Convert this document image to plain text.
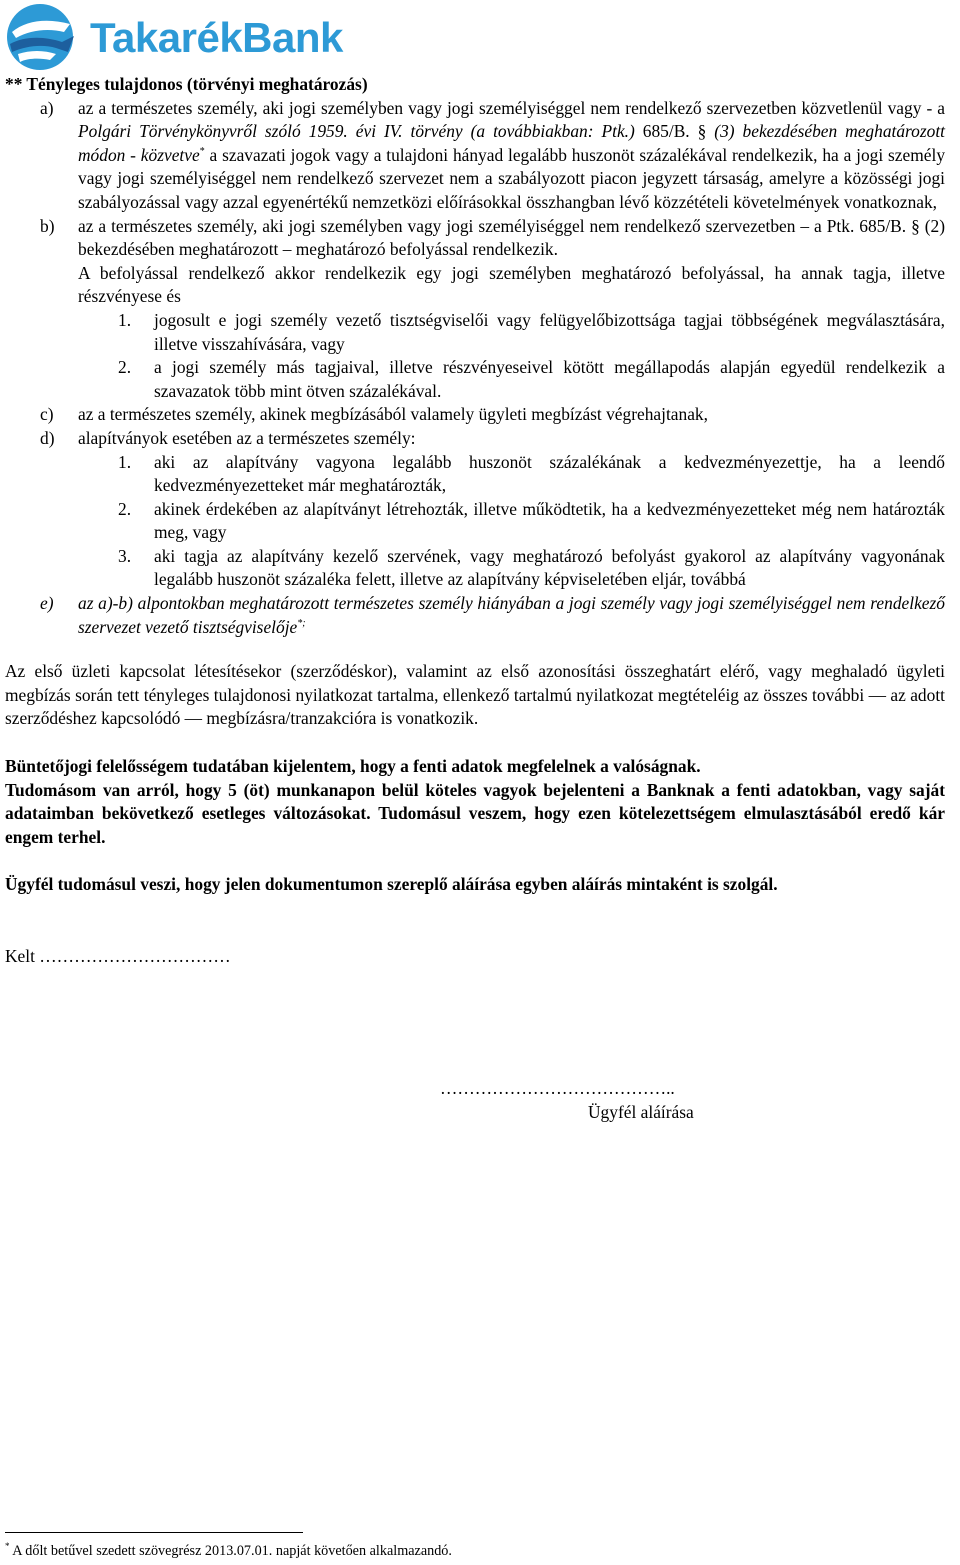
TakarékBank

** Tényleges tulajdonos (törvényi meghatározás)

a) az a természetes személy, aki jogi személyben vagy jogi személyiséggel nem rendelkező szervezetben közvetlenül vagy - a Polgári Törvénykönyvről szóló 1959. évi IV. törvény (a továbbiakban: Ptk.) 685/B. § (3) bekezdésében meghatározott módon - közvetve* a szavazati jogok vagy a tulajdoni hányad legalább huszonöt százalékával rendelkezik, ha a jogi személy vagy jogi személyiséggel nem rendelkező szervezet nem a szabályozott piacon jegyzett társaság, amelyre a közösségi jogi szabályozással vagy azzal egyenértékű nemzetközi előírásokkal összhangban lévő közzétételi követelmények vonatkoznak,
b) az a természetes személy, aki jogi személyben vagy jogi személyiséggel nem rendelkező szervezetben – a Ptk. 685/B. § (2) bekezdésében meghatározott – meghatározó befolyással rendelkezik.

A befolyással rendelkező akkor rendelkezik egy jogi személyben meghatározó befolyással, ha annak tagja, illetve részvényese és

1. jogosult e jogi személy vezető tisztségviselői vagy felügyelőbizottsága tagjai többségének megválasztására, illetve visszahívására, vagy
2. a jogi személy más tagjaival, illetve részvényeseivel kötött megállapodás alapján egyedül rendelkezik a szavazatok több mint ötven százalékával.
c) az a természetes személy, akinek megbízásából valamely ügyleti megbízást végrehajtanak,
d) alapítványok esetében az a természetes személy:
1. aki az alapítvány vagyona legalább huszonöt százalékának a kedvezményezettje, ha a leendő kedvezményezetteket már meghatározták,
2. akinek érdekében az alapítványt létrehozták, illetve működtetik, ha a kedvezményezetteket még nem határozták meg, vagy
3. aki tagja az alapítvány kezelő szervének, vagy meghatározó befolyást gyakorol az alapítvány vagyonának legalább huszonöt százaléka felett, illetve az alapítvány képviseletében eljár, továbbá
e) az a)-b) alpontokban meghatározott természetes személy hiányában a jogi személy vagy jogi személyiséggel nem rendelkező szervezet vezető tisztségviselője*;

Az első üzleti kapcsolat létesítésekor (szerződéskor), valamint az első azonosítási összeghatárt elérő, vagy meghaladó ügyleti megbízás során tett tényleges tulajdonosi nyilatkozat tartalma, ellenkező tartalmú nyilatkozat megtételéig az összes további ― az adott szerződéshez kapcsolódó ― megbízásra/tranzakcióra is vonatkozik.

Büntetőjogi felelősségem tudatában kijelentem, hogy a fenti adatok megfelelnek a valóságnak.

Tudomásom van arról, hogy 5 (öt) munkanapon belül köteles vagyok bejelenteni a Banknak a fenti adatokban, vagy saját adataimban bekövetkező esetleges változásokat. Tudomásul veszem, hogy ezen kötelezettségem elmulasztásából eredő kár engem terhel.

Ügyfél tudomásul veszi, hogy jelen dokumentumon szereplő aláírása egyben aláírás mintaként is szolgál.

Kelt ……………………………

…………………………………..

Ügyfél aláírása

* A dőlt betűvel szedett szövegrész 2013.07.01. napját követően alkalmazandó.
